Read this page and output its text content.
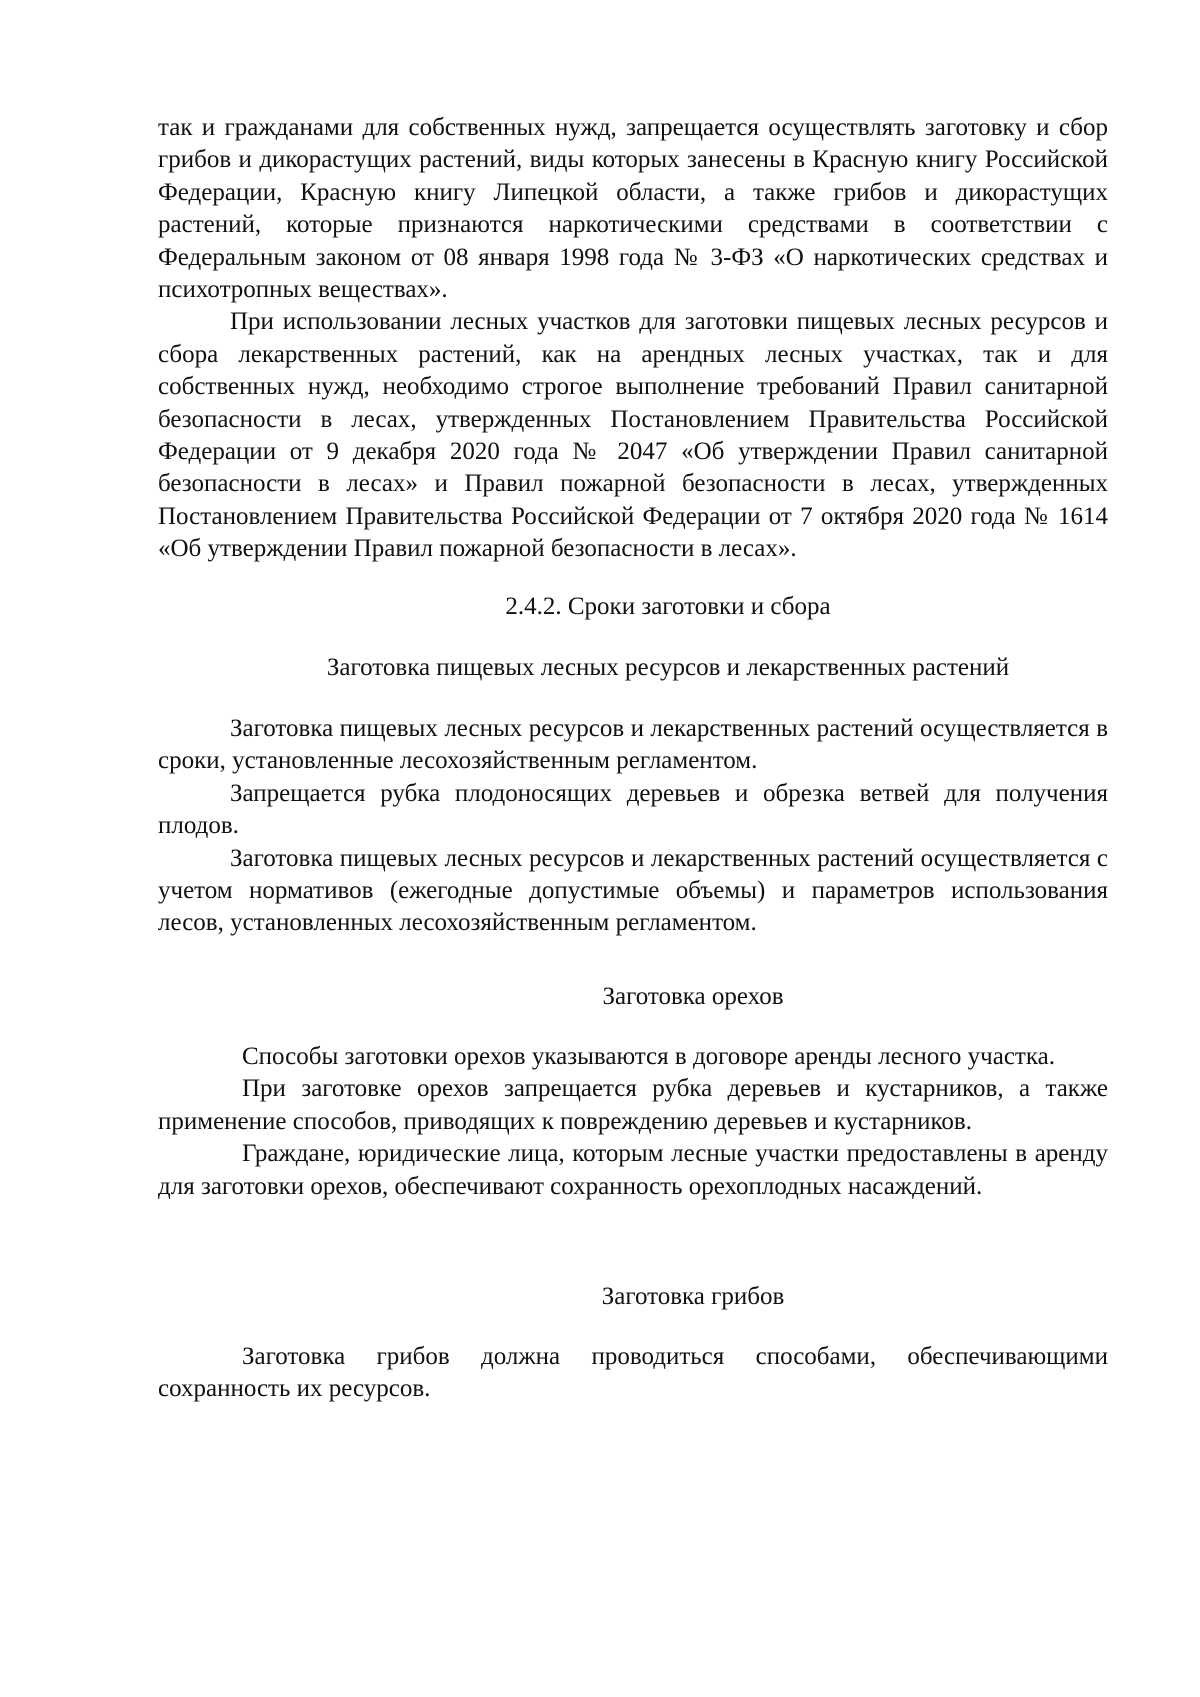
так и гражданами для собственных нужд, запрещается осуществлять заготовку и сбор грибов и дикорастущих растений, виды которых занесены в Красную книгу Российской Федерации, Красную книгу Липецкой области, а также грибов и дикорастущих растений, которые признаются наркотическими средствами в соответствии с Федеральным законом от 08 января 1998 года № 3-ФЗ «О наркотических средствах и психотропных веществах».

При использовании лесных участков для заготовки пищевых лесных ресурсов и сбора лекарственных растений, как на арендных лесных участках, так и для собственных нужд, необходимо строгое выполнение требований Правил санитарной безопасности в лесах, утвержденных Постановлением Правительства Российской Федерации от 9 декабря 2020 года № 2047 «Об утверждении Правил санитарной безопасности в лесах» и Правил пожарной безопасности в лесах, утвержденных Постановлением Правительства Российской Федерации от 7 октября 2020 года № 1614 «Об утверждении Правил пожарной безопасности в лесах».

2.4.2. Сроки заготовки и сбора

Заготовка пищевых лесных ресурсов и лекарственных растений

Заготовка пищевых лесных ресурсов и лекарственных растений осуществляется в сроки, установленные лесохозяйственным регламентом.

Запрещается рубка плодоносящих деревьев и обрезка ветвей для получения плодов.

Заготовка пищевых лесных ресурсов и лекарственных растений осуществляется с учетом нормативов (ежегодные допустимые объемы) и параметров использования лесов, установленных лесохозяйственным регламентом.

Заготовка орехов

Способы заготовки орехов указываются в договоре аренды лесного участка.

При заготовке орехов запрещается рубка деревьев и кустарников, а также применение способов, приводящих к повреждению деревьев и кустарников.

Граждане, юридические лица, которым лесные участки предоставлены в аренду для заготовки орехов, обеспечивают сохранность орехоплодных насаждений.

Заготовка грибов

Заготовка грибов должна проводиться способами, обеспечивающими сохранность их ресурсов.
